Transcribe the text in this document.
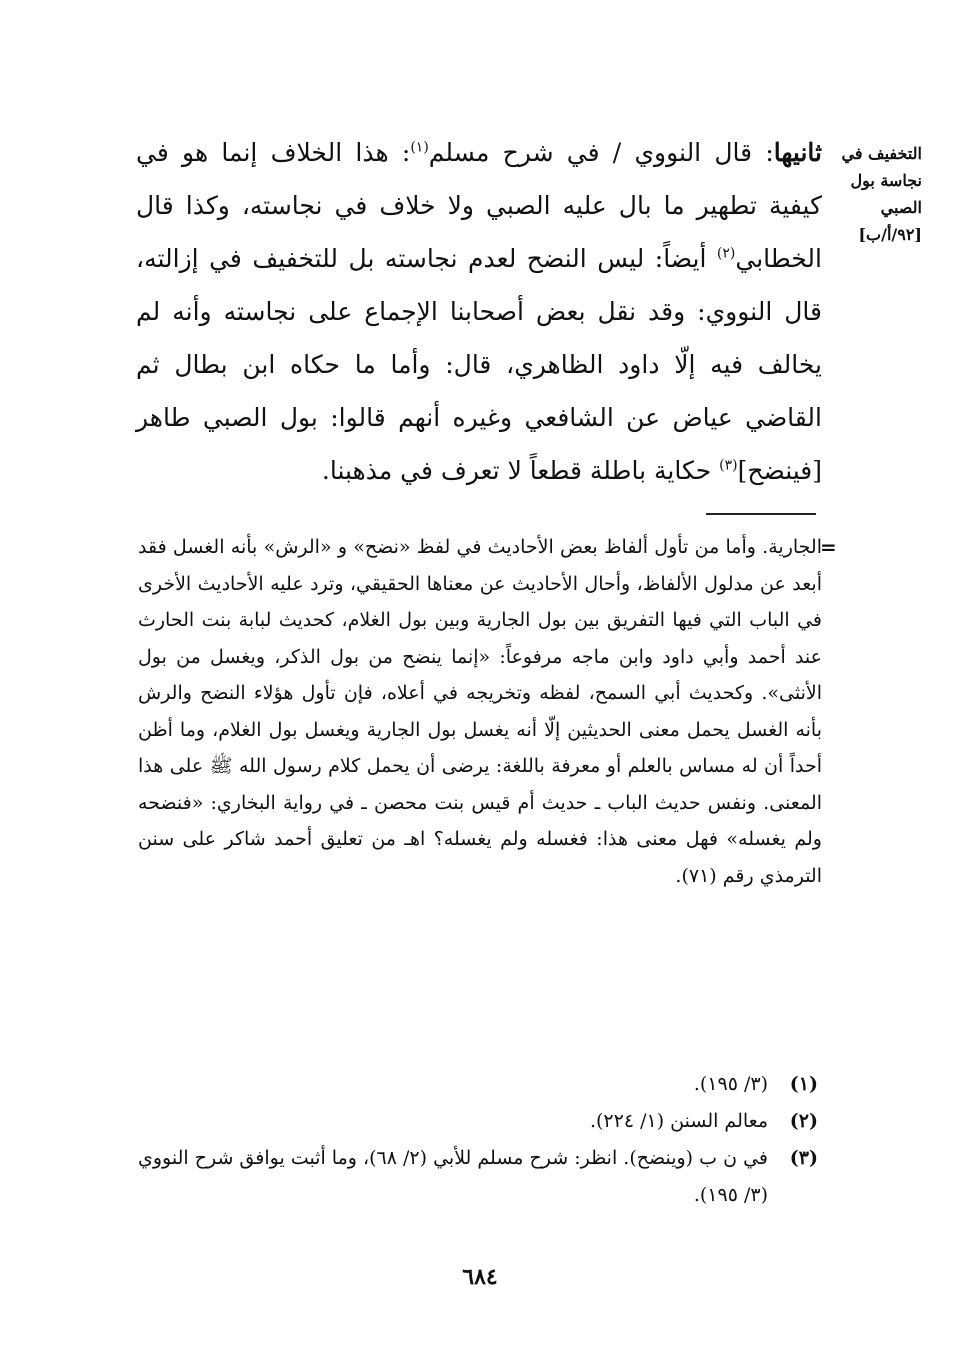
التخفيف في
نجاسة بول
الصبي
[٩٢/أ/ب]

ثانيها: قال النووي / في شرح مسلم$^{(١)}$: هذا الخلاف إنما هو في كيفية تطهير ما بال عليه الصبي ولا خلاف في نجاسته، وكذا قال الخطابي$^{(٢)}$ أيضاً: ليس النضح لعدم نجاسته بل للتخفيف في إزالته، قال النووي: وقد نقل بعض أصحابنا الإجماع على نجاسته وأنه لم يخالف فيه إلّا داود الظاهري، قال: وأما ما حكاه ابن بطال ثم القاضي عياض عن الشافعي وغيره أنهم قالوا: بول الصبي طاهر [فينضح]$^{(٣)}$ حكاية باطلة قطعاً لا تعرف في مذهبنا.

=

الجارية. وأما من تأول ألفاظ بعض الأحاديث في لفظ «نضح» و «الرش» بأنه الغسل فقد أبعد عن مدلول الألفاظ، وأحال الأحاديث عن معناها الحقيقي، وترد عليه الأحاديث الأخرى في الباب التي فيها التفريق بين بول الجارية وبين بول الغلام، كحديث لبابة بنت الحارث عند أحمد وأبي داود وابن ماجه مرفوعاً: «إنما ينضح من بول الذكر، ويغسل من بول الأنثى». وكحديث أبي السمح، لفظه وتخريجه في أعلاه، فإن تأول هؤلاء النضح والرش بأنه الغسل يحمل معنى الحديثين إلّا أنه يغسل بول الجارية ويغسل بول الغلام، وما أظن أحداً أن له مساس بالعلم أو معرفة باللغة: يرضى أن يحمل كلام رسول الله ﷺ على هذا المعنى. ونفس حديث الباب ـ حديث أم قيس بنت محصن ـ في رواية البخاري: «فنضحه ولم يغسله» فهل معنى هذا: فغسله ولم يغسله؟ اهـ من تعليق أحمد شاكر على سنن الترمذي رقم (٧١).

(١)
(٣/ ١٩٥).
(٢)
معالم السنن (١/ ٢٢٤).
(٣)
في ن ب (وينضح). انظر: شرح مسلم للأبي (٢/ ٦٨)، وما أثبت يوافق شرح النووي (٣/ ١٩٥).
٦٨٤
